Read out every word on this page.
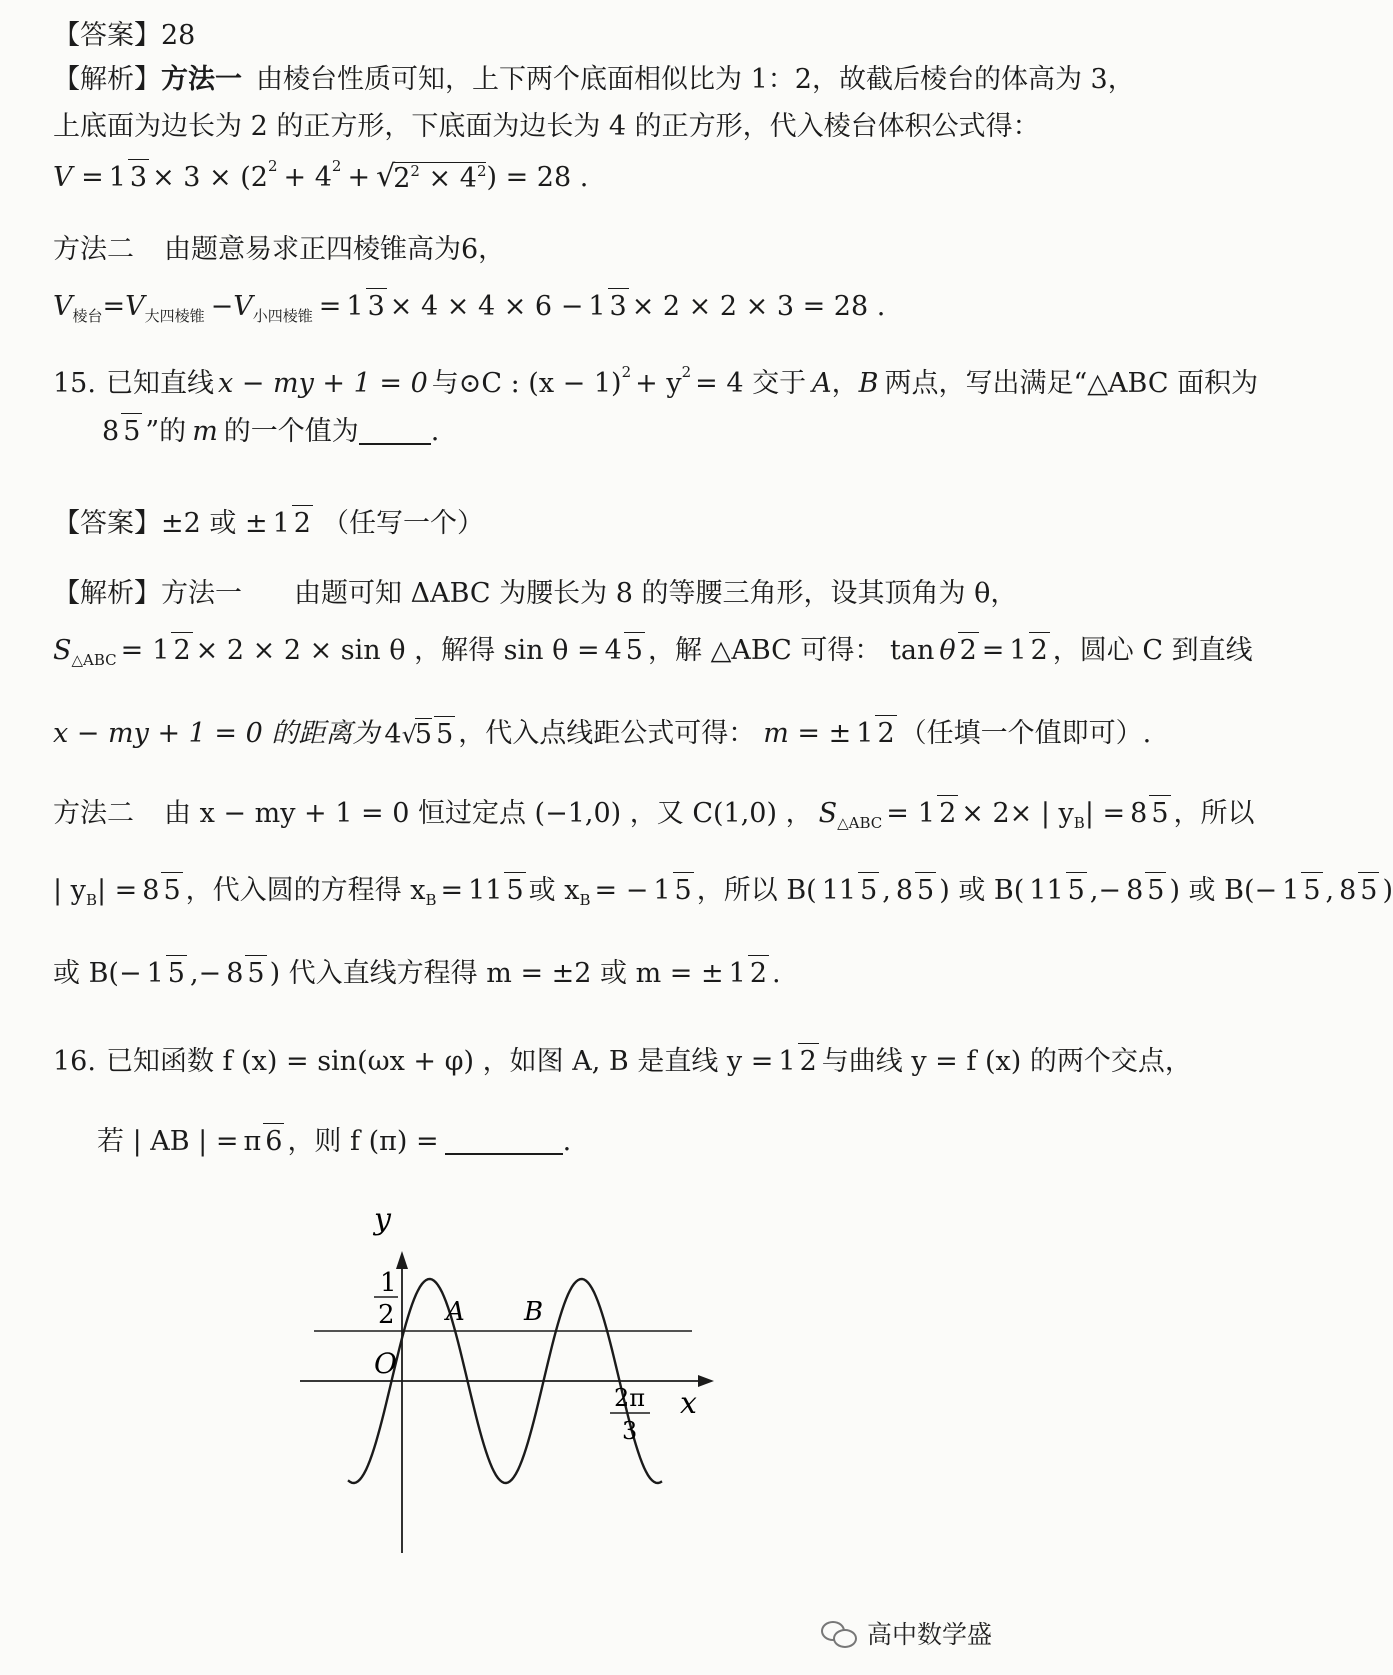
【答案】 28
【解析】 方法一 由棱台性质可知，上下两个底面相似比为 1：2，故截后棱台的体高为 3，
上底面为边长为 2 的正方形，下底面为边长为 4 的正方形，代入棱台体积公式得：
V = 1 3 × 3 × (2 2 + 4 2 + √
$2^2 \times 4^2$ ) = 28 .
方法二 由题意易求正四棱锥高为6，
V 棱台 =V 大四棱锥 −V 小四棱锥 = 1 3 × 4 × 4 × 6 − 1 3 × 2 × 2 × 3 = 28 .
15. 已知直线 x − my + 1 = 0 与⊙C : (x − 1) 2 + y 2 = 4 交于 A ， B 两点，写出满足“△ABC 面积为
8 5 ”的 m 的一个值为	.
【答案】 ±2 或 ± 1 2 （任写一个）
【解析】 方法一 由题可知 ΔABC 为腰长为 8 的等腰三角形，设其顶角为 θ，
S △ABC = 1 2 × 2 × 2 × sin θ ，解得 sin θ = 4 5 ，解 △ABC 可得： tan θ 2 = 1 2 ，圆心 C 到直线
x − my + 1 = 0 的距离为 4√5 5 ，代入点线距公式可得： m = ± 1 2 （任填一个值即可）.
方法二 由 x − my + 1 = 0 恒过定点 (−1,0) ，又 C(1,0) ， S △ABC = 1 2 × 2× | y B | = 8 5 ，所以
| y B | = 8 5 ，代入圆的方程得 x B = 11 5 或 x B = − 1 5 ，所以 B( 11 5 , 8 5 ) 或 B( 11 5 ,− 8 5 ) 或 B(− 1 5 , 8 5 )
或 B(− 1 5 ,− 8 5 ) 代入直线方程得 m = ±2 或 m = ± 1 2 .
16. 已知函数 f (x) = sin(ωx + φ) ，如图 A, B 是直线 y = 1 2 与曲线 y = f (x) 的两个交点，
若 | AB | = π 6 ，则 f (π) =	.
y
x
O
1
2 A B
2π
3
高中数学盛
